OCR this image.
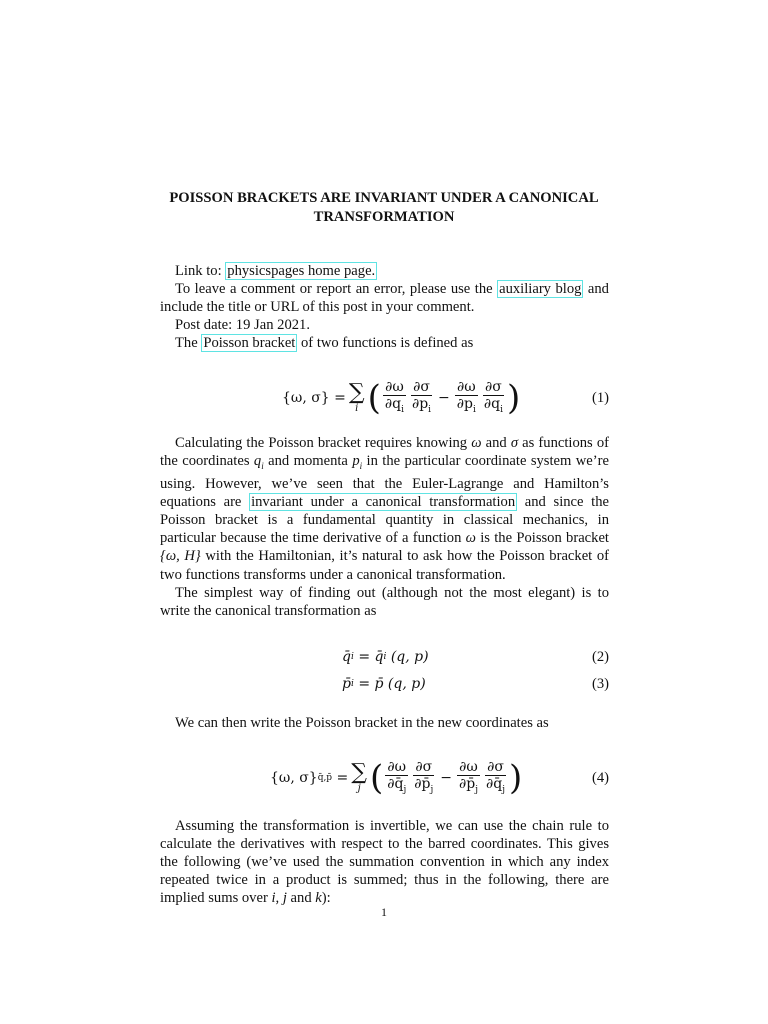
POISSON BRACKETS ARE INVARIANT UNDER A CANONICAL TRANSFORMATION

Link to: physicspages home page.

To leave a comment or report an error, please use the auxiliary blog and include the title or URL of this post in your comment.

Post date: 19 Jan 2021.

The Poisson bracket of two functions is defined as

{ω, σ} = ∑
i ( $\frac{\partial\omega}{\partial q_i} \frac{\partial\sigma}{\partial p_i} - \frac{\partial\omega}{\partial p_i} \frac{\partial\sigma}{\partial q_i}$ )	(1)

Calculating the Poisson bracket requires knowing ω and σ as functions of the coordinates $q_i$ and momenta $p_i$ in the particular coordinate system we’re using. However, we’ve seen that the Euler-Lagrange and Hamilton’s equations are invariant under a canonical transformation and since the Poisson bracket is a fundamental quantity in classical mechanics, in particular because the time derivative of a function ω is the Poisson bracket {ω, H} with the Hamiltonian, it’s natural to ask how the Poisson bracket of two functions transforms under a canonical transformation.

The simplest way of finding out (although not the most elegant) is to write the canonical transformation as

q̄ i
= q̄ i
(q, p)	(2)
p̄ i
= p̄ (q, p)	(3)

We can then write the Poisson bracket in the new coordinates as

{ω, σ} q̄,p̄
= ∑
j ( $\frac{\partial\omega}{\partial q̄_j} \frac{\partial\sigma}{\partial p̄_j} - \frac{\partial\omega}{\partial p̄_j} \frac{\partial\sigma}{\partial q̄_j}$ )	(4)

Assuming the transformation is invertible, we can use the chain rule to calculate the derivatives with respect to the barred coordinates. This gives the following (we’ve used the summation convention in which any index repeated twice in a product is summed; thus in the following, there are implied sums over i, j and k):

1
